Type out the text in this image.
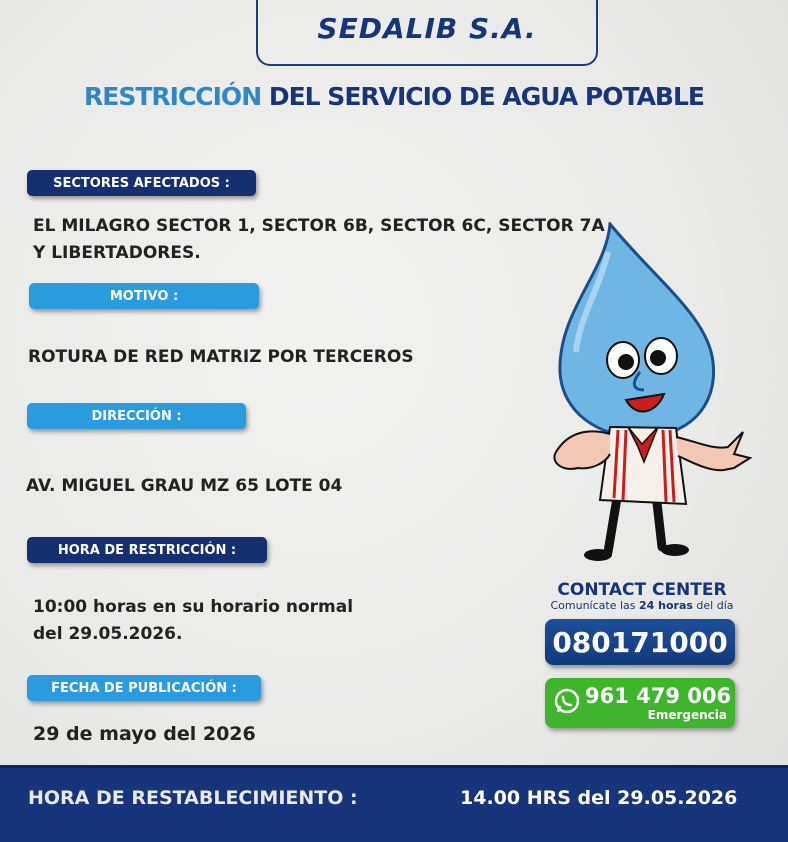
SEDALIB S.A.
RESTRICCIÓN DEL SERVICIO DE AGUA POTABLE
SECTORES AFECTADOS :
EL MILAGRO SECTOR 1, SECTOR 6B, SECTOR 6C, SECTOR 7A
Y LIBERTADORES.
MOTIVO :
ROTURA DE RED MATRIZ POR TERCEROS
DIRECCIÓN :
AV. MIGUEL GRAU MZ 65 LOTE 04
HORA DE RESTRICCIÓN :
10:00 horas en su horario normal
del 29.05.2026.
FECHA DE PUBLICACIÓN :
29 de mayo del 2026
CONTACT CENTER
Comunícate las 24 horas del día
080171000
961 479 006
Emergencia
HORA DE RESTABLECIMIENTO :	14.00 HRS del 29.05.2026
